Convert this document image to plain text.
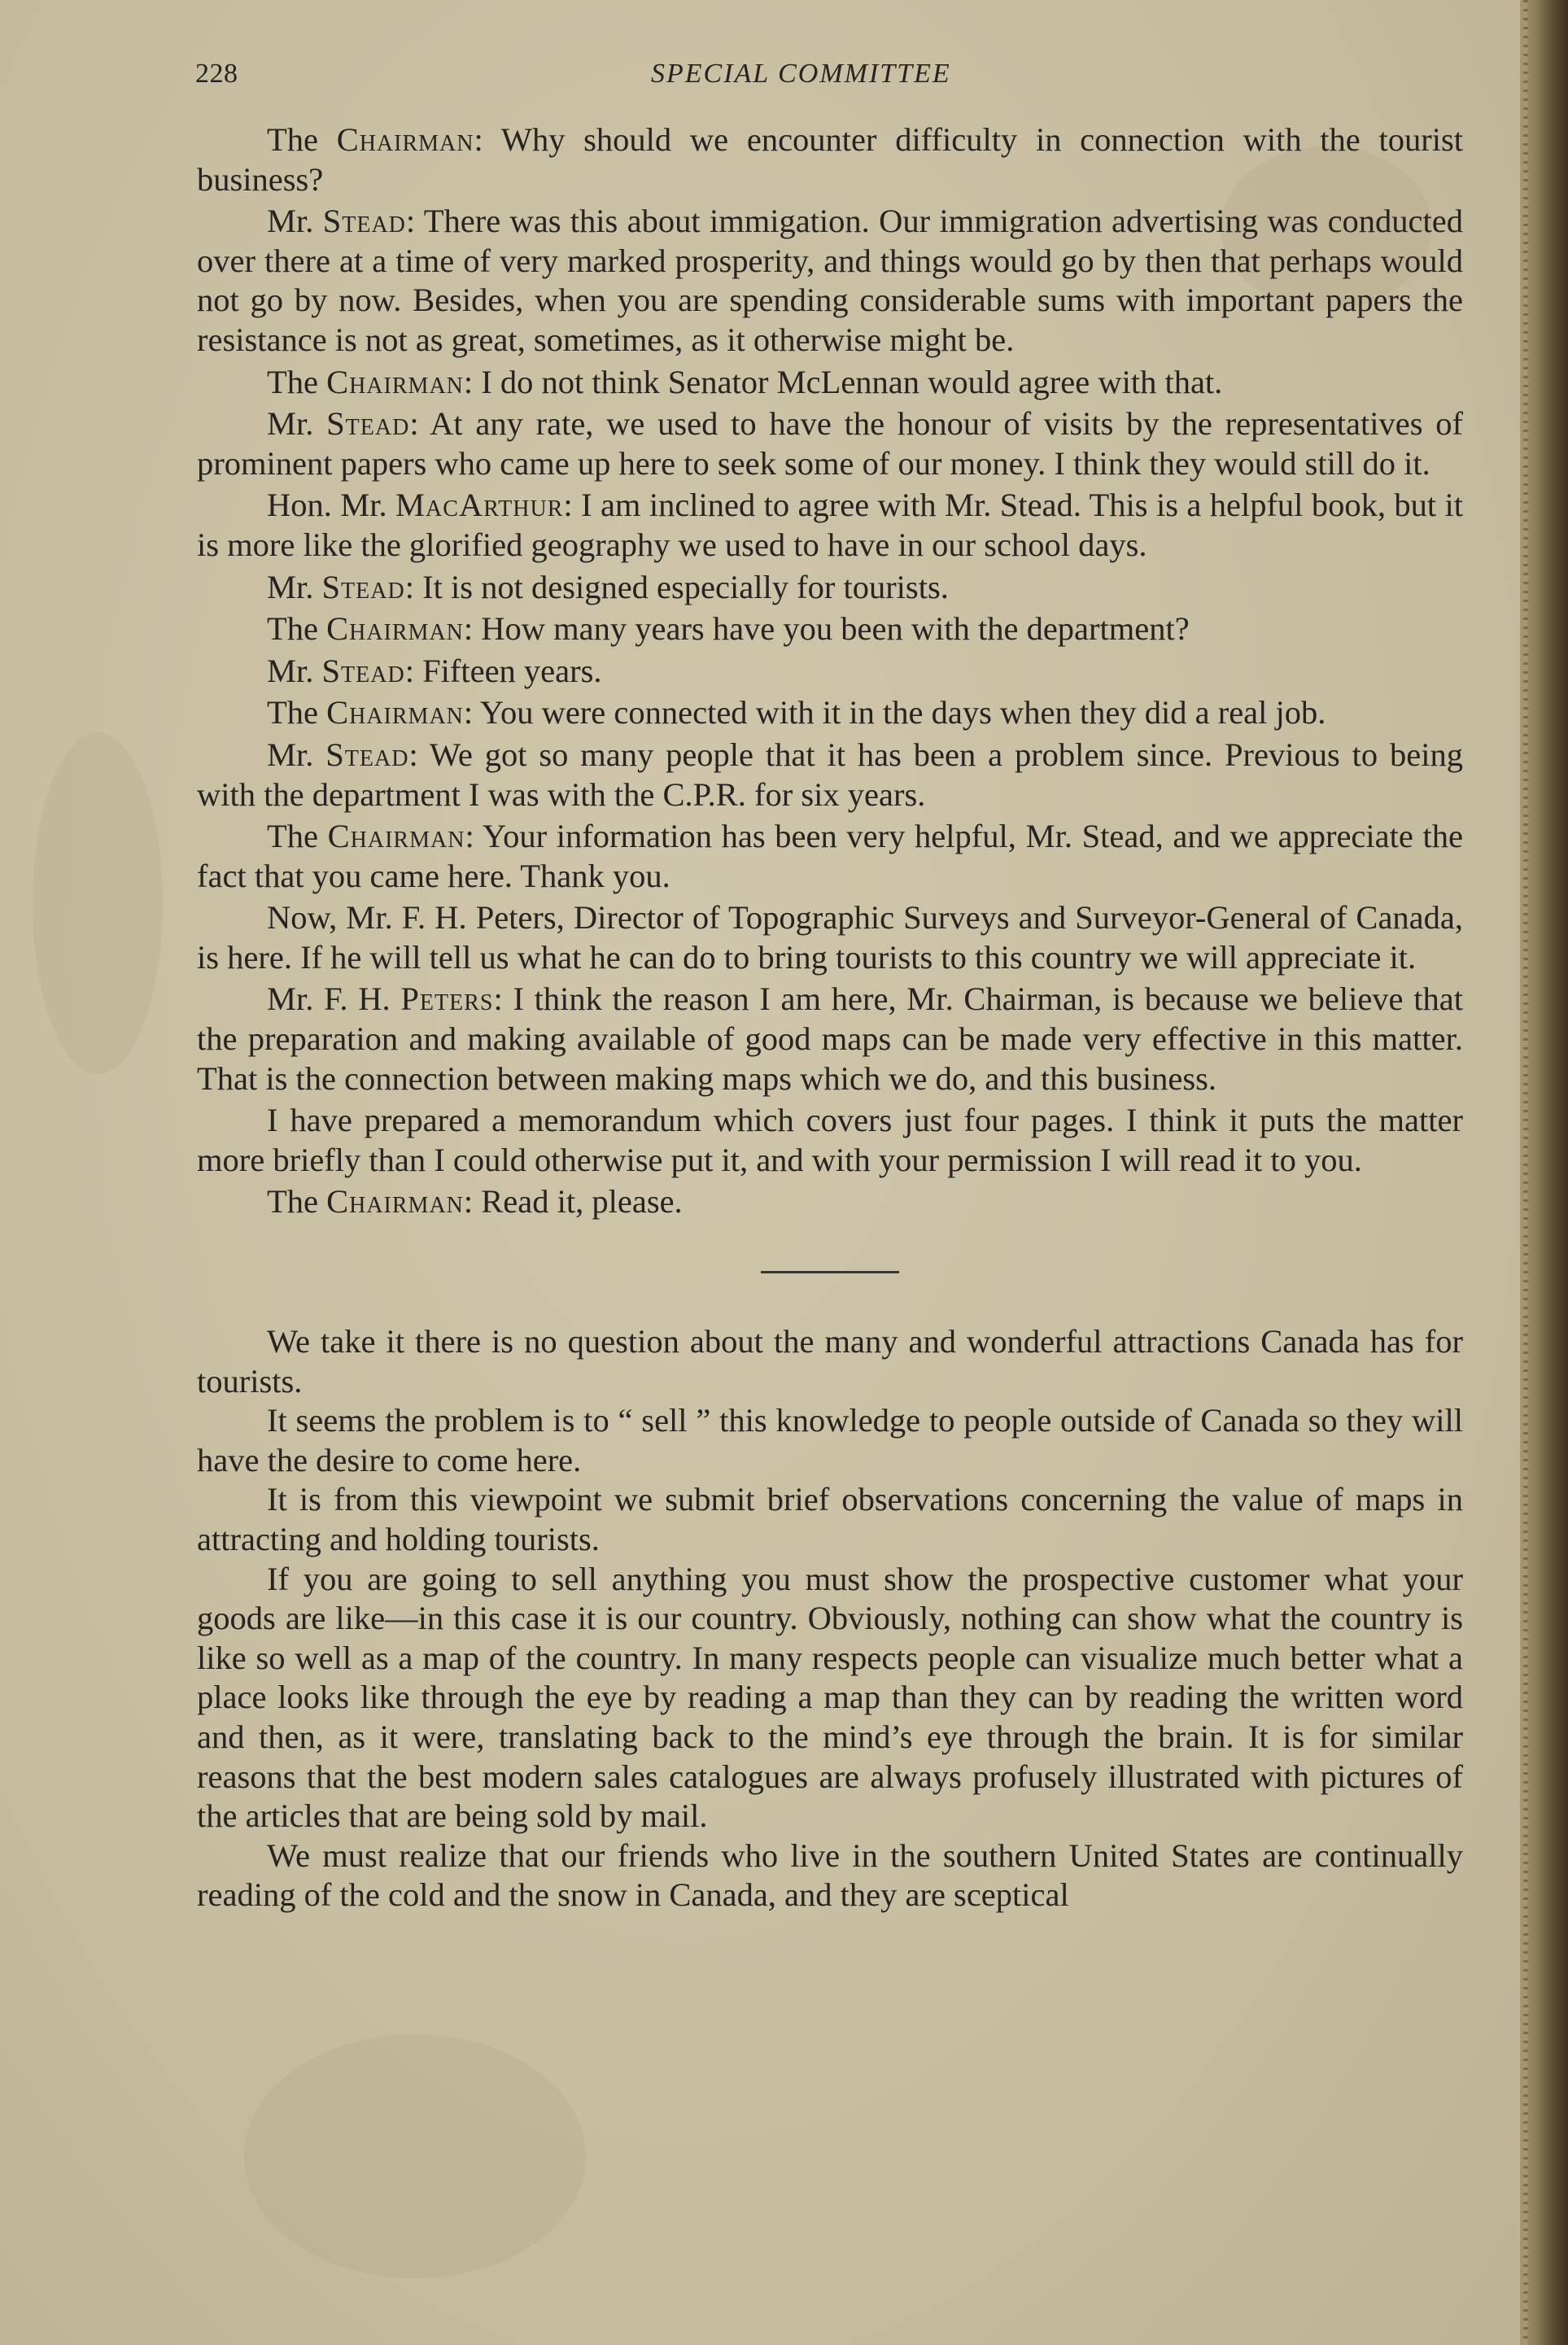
228	SPECIAL COMMITTEE

The Chairman: Why should we encounter difficulty in connection with the tourist business?

Mr. Stead: There was this about immigation. Our immigration advertising was conducted over there at a time of very marked prosperity, and things would go by then that perhaps would not go by now. Besides, when you are spending considerable sums with important papers the resistance is not as great, sometimes, as it otherwise might be.

The Chairman: I do not think Senator McLennan would agree with that.

Mr. Stead: At any rate, we used to have the honour of visits by the representatives of prominent papers who came up here to seek some of our money. I think they would still do it.

Hon. Mr. MacArthur: I am inclined to agree with Mr. Stead. This is a helpful book, but it is more like the glorified geography we used to have in our school days.

Mr. Stead: It is not designed especially for tourists.

The Chairman: How many years have you been with the department?

Mr. Stead: Fifteen years.

The Chairman: You were connected with it in the days when they did a real job.

Mr. Stead: We got so many people that it has been a problem since. Previous to being with the department I was with the C.P.R. for six years.

The Chairman: Your information has been very helpful, Mr. Stead, and we appreciate the fact that you came here. Thank you.

Now, Mr. F. H. Peters, Director of Topographic Surveys and Surveyor-General of Canada, is here. If he will tell us what he can do to bring tourists to this country we will appreciate it.

Mr. F. H. Peters: I think the reason I am here, Mr. Chairman, is because we believe that the preparation and making available of good maps can be made very effective in this matter. That is the connection between making maps which we do, and this business.

I have prepared a memorandum which covers just four pages. I think it puts the matter more briefly than I could otherwise put it, and with your permission I will read it to you.

The Chairman: Read it, please.

We take it there is no question about the many and wonderful attractions Canada has for tourists.

It seems the problem is to “ sell ” this knowledge to people outside of Canada so they will have the desire to come here.

It is from this viewpoint we submit brief observations concerning the value of maps in attracting and holding tourists.

If you are going to sell anything you must show the prospective customer what your goods are like—in this case it is our country. Obviously, nothing can show what the country is like so well as a map of the country. In many respects people can visualize much better what a place looks like through the eye by reading a map than they can by reading the written word and then, as it were, translating back to the mind’s eye through the brain. It is for similar reasons that the best modern sales catalogues are always profusely illustrated with pictures of the articles that are being sold by mail.

We must realize that our friends who live in the southern United States are continually reading of the cold and the snow in Canada, and they are sceptical
